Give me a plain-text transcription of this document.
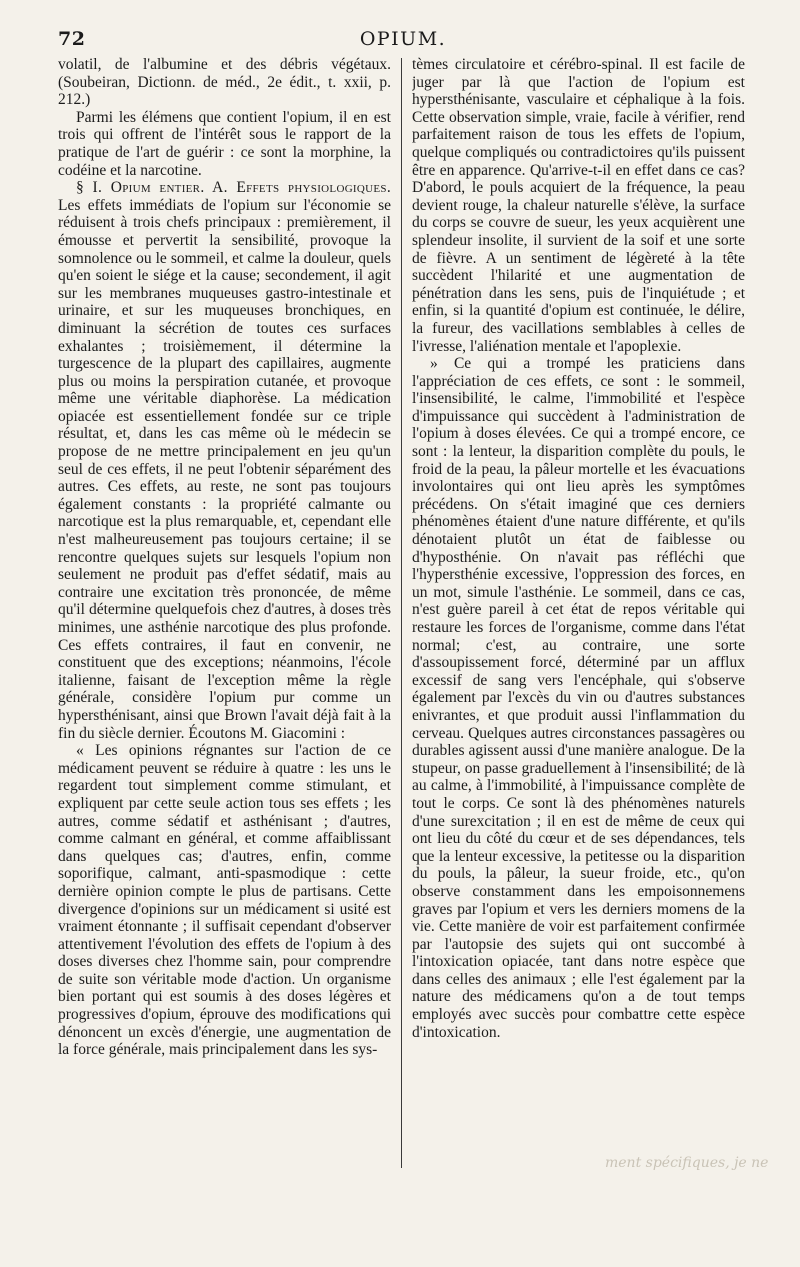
72	OPIUM.

volatil, de l'albumine et des débris végétaux. (Soubeiran, Dictionn. de méd., 2e édit., t. xxii, p. 212.)

Parmi les élémens que contient l'opium, il en est trois qui offrent de l'intérêt sous le rapport de la pratique de l'art de guérir : ce sont la morphine, la codéine et la narcotine.

§ I. Opium entier. A. Effets physiologiques. Les effets immédiats de l'opium sur l'économie se réduisent à trois chefs principaux : premièrement, il émousse et pervertit la sensibilité, provoque la somnolence ou le sommeil, et calme la douleur, quels qu'en soient le siége et la cause; secondement, il agit sur les membranes muqueuses gastro-intestinale et urinaire, et sur les muqueuses bronchiques, en diminuant la sécrétion de toutes ces surfaces exhalantes ; troisièmement, il détermine la turgescence de la plupart des capillaires, augmente plus ou moins la perspiration cutanée, et provoque même une véritable diaphorèse. La médication opiacée est essentiellement fondée sur ce triple résultat, et, dans les cas même où le médecin se propose de ne mettre principalement en jeu qu'un seul de ces effets, il ne peut l'obtenir séparément des autres. Ces effets, au reste, ne sont pas toujours également constants : la propriété calmante ou narcotique est la plus remarquable, et, cependant elle n'est malheureusement pas toujours certaine; il se rencontre quelques sujets sur lesquels l'opium non seulement ne produit pas d'effet sédatif, mais au contraire une excitation très prononcée, de même qu'il détermine quelquefois chez d'autres, à doses très minimes, une asthénie narcotique des plus profonde. Ces effets contraires, il faut en convenir, ne constituent que des exceptions; néanmoins, l'école italienne, faisant de l'exception même la règle générale, considère l'opium pur comme un hypersthénisant, ainsi que Brown l'avait déjà fait à la fin du siècle dernier. Écoutons M. Giacomini :

« Les opinions régnantes sur l'action de ce médicament peuvent se réduire à quatre : les uns le regardent tout simplement comme stimulant, et expliquent par cette seule action tous ses effets ; les autres, comme sédatif et asthénisant ; d'autres, comme calmant en général, et comme affaiblissant dans quelques cas; d'autres, enfin, comme soporifique, calmant, anti-spasmodique : cette dernière opinion compte le plus de partisans. Cette divergence d'opinions sur un médicament si usité est vraiment étonnante ; il suffisait cependant d'observer attentivement l'évolution des effets de l'opium à des doses diverses chez l'homme sain, pour comprendre de suite son véritable mode d'action. Un organisme bien portant qui est soumis à des doses légères et progressives d'opium, éprouve des modifications qui dénoncent un excès d'énergie, une augmentation de la force générale, mais principalement dans les sys-

tèmes circulatoire et cérébro-spinal. Il est facile de juger par là que l'action de l'opium est hypersthénisante, vasculaire et céphalique à la fois. Cette observation simple, vraie, facile à vérifier, rend parfaitement raison de tous les effets de l'opium, quelque compliqués ou contradictoires qu'ils puissent être en apparence. Qu'arrive-t-il en effet dans ce cas? D'abord, le pouls acquiert de la fréquence, la peau devient rouge, la chaleur naturelle s'élève, la surface du corps se couvre de sueur, les yeux acquièrent une splendeur insolite, il survient de la soif et une sorte de fièvre. A un sentiment de légèreté à la tête succèdent l'hilarité et une augmentation de pénétration dans les sens, puis de l'inquiétude ; et enfin, si la quantité d'opium est continuée, le délire, la fureur, des vacillations semblables à celles de l'ivresse, l'aliénation mentale et l'apoplexie.

» Ce qui a trompé les praticiens dans l'appréciation de ces effets, ce sont : le sommeil, l'insensibilité, le calme, l'immobilité et l'espèce d'impuissance qui succèdent à l'administration de l'opium à doses élevées. Ce qui a trompé encore, ce sont : la lenteur, la disparition complète du pouls, le froid de la peau, la pâleur mortelle et les évacuations involontaires qui ont lieu après les symptômes précédens. On s'était imaginé que ces derniers phénomènes étaient d'une nature différente, et qu'ils dénotaient plutôt un état de faiblesse ou d'hyposthénie. On n'avait pas réfléchi que l'hypersthénie excessive, l'oppression des forces, en un mot, simule l'asthénie. Le sommeil, dans ce cas, n'est guère pareil à cet état de repos véritable qui restaure les forces de l'organisme, comme dans l'état normal; c'est, au contraire, une sorte d'assoupissement forcé, déterminé par un afflux excessif de sang vers l'encéphale, qui s'observe également par l'excès du vin ou d'autres substances enivrantes, et que produit aussi l'inflammation du cerveau. Quelques autres circonstances passagères ou durables agissent aussi d'une manière analogue. De la stupeur, on passe graduellement à l'insensibilité; de là au calme, à l'immobilité, à l'impuissance complète de tout le corps. Ce sont là des phénomènes naturels d'une surexcitation ; il en est de même de ceux qui ont lieu du côté du cœur et de ses dépendances, tels que la lenteur excessive, la petitesse ou la disparition du pouls, la pâleur, la sueur froide, etc., qu'on observe constamment dans les empoisonnemens graves par l'opium et vers les derniers momens de la vie. Cette manière de voir est parfaitement confirmée par l'autopsie des sujets qui ont succombé à l'intoxication opiacée, tant dans notre espèce que dans celles des animaux ; elle l'est également par la nature des médicamens qu'on a de tout temps employés avec succès pour combattre cette espèce d'intoxication.

ment spécifiques, je ne
